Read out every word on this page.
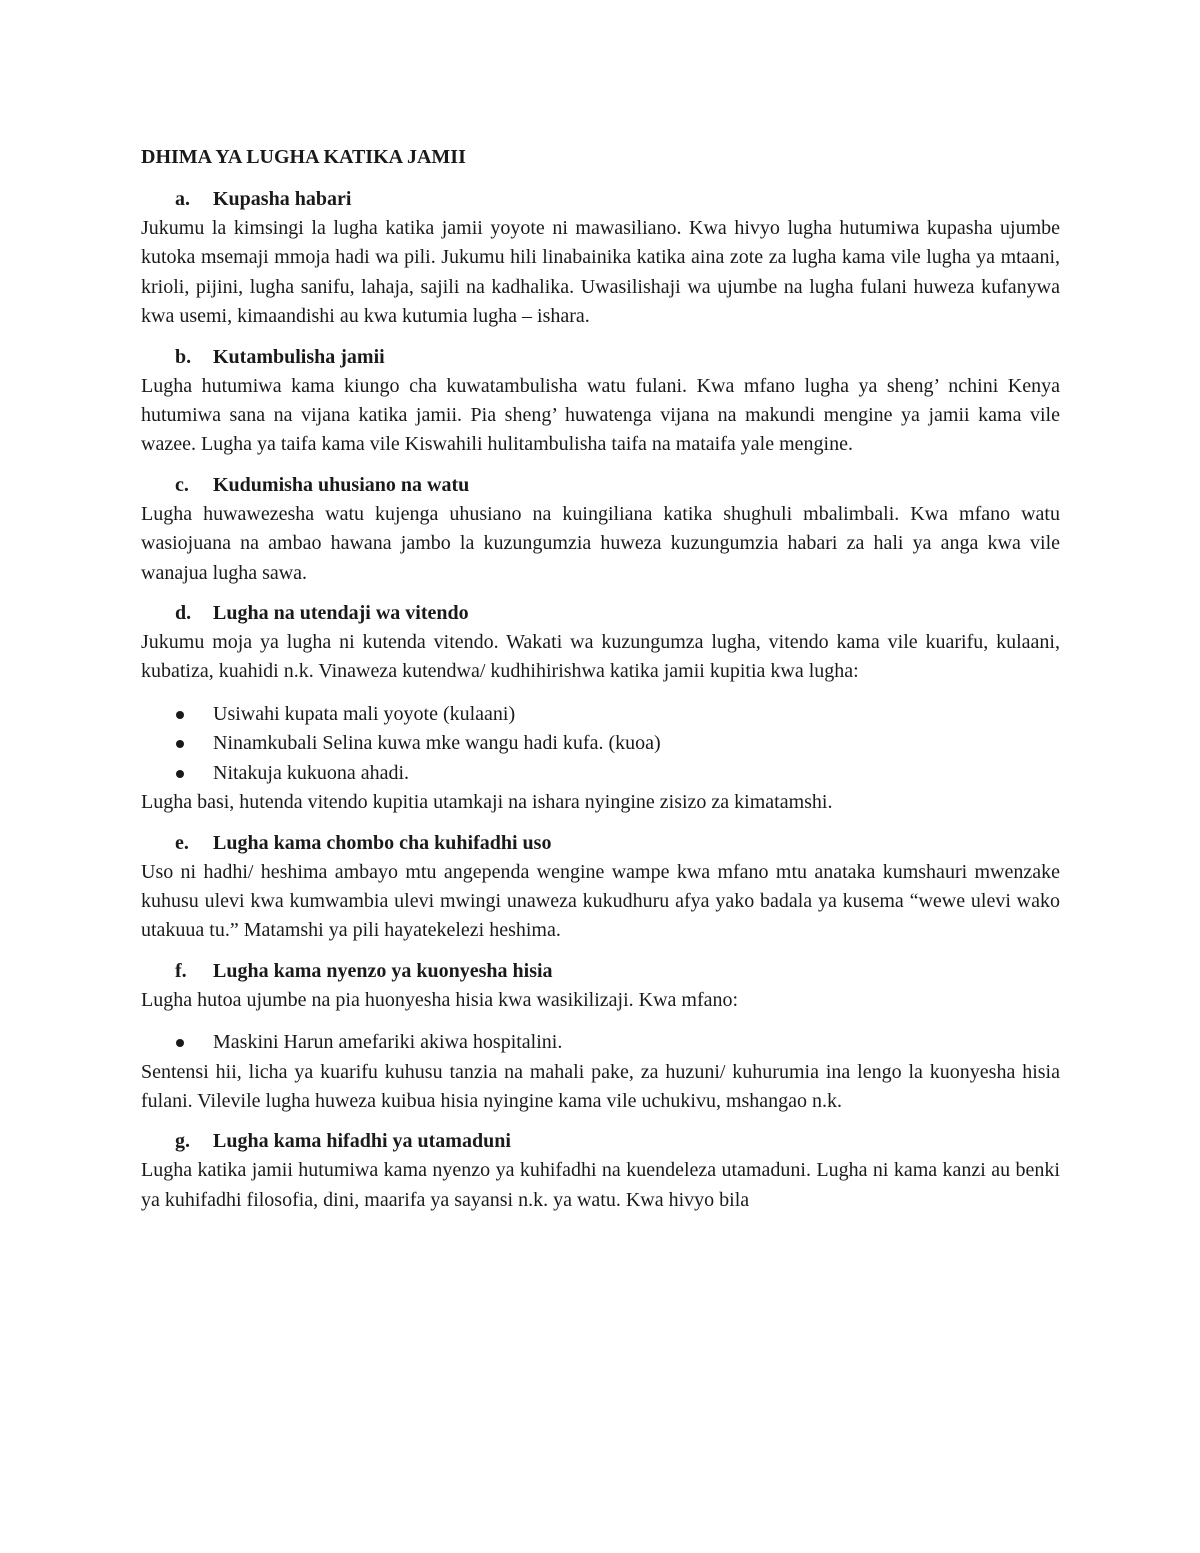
DHIMA YA LUGHA KATIKA JAMII
a.	Kupasha habari

Jukumu la kimsingi la lugha katika jamii yoyote ni mawasiliano. Kwa hivyo lugha hutumiwa kupasha ujumbe kutoka msemaji mmoja hadi wa pili. Jukumu hili linabainika katika aina zote za lugha kama vile lugha ya mtaani, krioli, pijini, lugha sanifu, lahaja, sajili na kadhalika. Uwasilishaji wa ujumbe na lugha fulani huweza kufanywa kwa usemi, kimaandishi au kwa kutumia lugha – ishara.

b.	Kutambulisha jamii

Lugha hutumiwa kama kiungo cha kuwatambulisha watu fulani. Kwa mfano lugha ya sheng’ nchini Kenya hutumiwa sana na vijana katika jamii. Pia sheng’ huwatenga vijana na makundi mengine ya jamii kama vile wazee. Lugha ya taifa kama vile Kiswahili hulitambulisha taifa na mataifa yale mengine.

c.	Kudumisha uhusiano na watu

Lugha huwawezesha watu kujenga uhusiano na kuingiliana katika shughuli mbalimbali. Kwa mfano watu wasiojuana na ambao hawana jambo la kuzungumzia huweza kuzungumzia habari za hali ya anga kwa vile wanajua lugha sawa.

d.	Lugha na utendaji wa vitendo

Jukumu moja ya lugha ni kutenda vitendo. Wakati wa kuzungumza lugha, vitendo kama vile kuarifu, kulaani, kubatiza, kuahidi n.k. Vinaweza kutendwa/ kudhihirishwa katika jamii kupitia kwa lugha:

Usiwahi kupata mali yoyote (kulaani)
Ninamkubali Selina kuwa mke wangu hadi kufa. (kuoa)
Nitakuja kukuona ahadi.

Lugha basi, hutenda vitendo kupitia utamkaji na ishara nyingine zisizo za kimatamshi.

e.	Lugha kama chombo cha kuhifadhi uso

Uso ni hadhi/ heshima ambayo mtu angependa wengine wampe kwa mfano mtu anataka kumshauri mwenzake kuhusu ulevi kwa kumwambia ulevi mwingi unaweza kukudhuru afya yako badala ya kusema “wewe ulevi wako utakuua tu.” Matamshi ya pili hayatekelezi heshima.

f.	Lugha kama nyenzo ya kuonyesha hisia

Lugha hutoa ujumbe na pia huonyesha hisia kwa wasikilizaji. Kwa mfano:

Maskini Harun amefariki akiwa hospitalini.

Sentensi hii, licha ya kuarifu kuhusu tanzia na mahali pake, za huzuni/ kuhurumia ina lengo la kuonyesha hisia fulani. Vilevile lugha huweza kuibua hisia nyingine kama vile uchukivu, mshangao n.k.

g.	Lugha kama hifadhi ya utamaduni

Lugha katika jamii hutumiwa kama nyenzo ya kuhifadhi na kuendeleza utamaduni. Lugha ni kama kanzi au benki ya kuhifadhi filosofia, dini, maarifa ya sayansi n.k. ya watu. Kwa hivyo bila
